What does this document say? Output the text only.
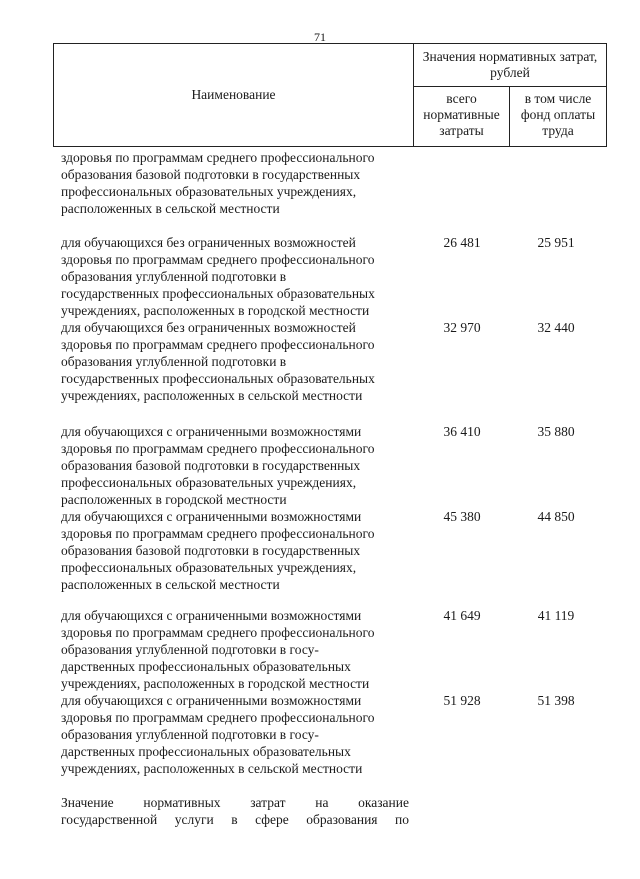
71
Наименование
Значения нормативных затрат, рублей
всего нормативные затраты
в том числе фонд оплаты труда
здоровья по программам среднего профессионального
образования базовой подготовки в государственных
профессиональных образовательных учреждениях,
расположенных в сельской местности
для обучающихся без ограниченных возможностей
здоровья по программам среднего профессионального
образования углубленной подготовки в
государственных профессиональных образовательных
учреждениях, расположенных в городской местности
26 481	25 951
для обучающихся без ограниченных возможностей
здоровья по программам среднего профессионального
образования углубленной подготовки в
государственных профессиональных образовательных
учреждениях, расположенных в сельской местности
32 970	32 440
для обучающихся с ограниченными возможностями
здоровья по программам среднего профессионального
образования базовой подготовки в государственных
профессиональных образовательных учреждениях,
расположенных в городской местности
36 410	35 880
для обучающихся с ограниченными возможностями
здоровья по программам среднего профессионального
образования базовой подготовки в государственных
профессиональных образовательных учреждениях,
расположенных в сельской местности
45 380	44 850
для обучающихся с ограниченными возможностями
здоровья по программам среднего профессионального
образования углубленной подготовки в госу-
дарственных профессиональных образовательных
учреждениях, расположенных в городской местности
41 649	41 119
для обучающихся с ограниченными возможностями
здоровья по программам среднего профессионального
образования углубленной подготовки в госу-
дарственных профессиональных образовательных
учреждениях, расположенных в сельской местности
51 928	51 398
Значение нормативных затрат на оказание
государственной услуги в сфере образования по
